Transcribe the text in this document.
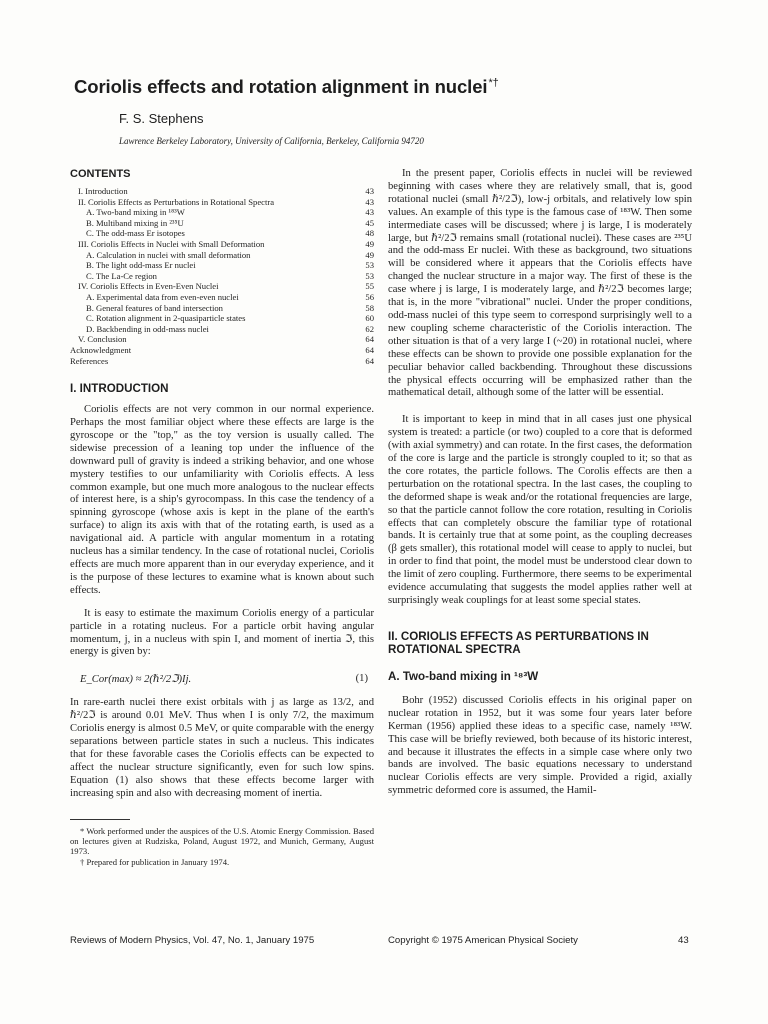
Coriolis effects and rotation alignment in nuclei*†
F. S. Stephens
Lawrence Berkeley Laboratory, University of California, Berkeley, California 94720
CONTENTS
I. Introduction	43
II. Coriolis Effects as Perturbations in Rotational Spectra	43
A. Two-band mixing in ¹⁸³W	43
B. Multiband mixing in ²³⁵U	45
C. The odd-mass Er isotopes	48
III. Coriolis Effects in Nuclei with Small Deformation	49
A. Calculation in nuclei with small deformation	49
B. The light odd-mass Er nuclei	53
C. The La-Ce region	53
IV. Coriolis Effects in Even-Even Nuclei	55
A. Experimental data from even-even nuclei	56
B. General features of band intersection	58
C. Rotation alignment in 2-quasiparticle states	60
D. Backbending in odd-mass nuclei	62
V. Conclusion	64
Acknowledgment	64
References	64
I. INTRODUCTION

Coriolis effects are not very common in our normal experience. Perhaps the most familiar object where these effects are large is the gyroscope or the "top," as the toy version is usually called. The sidewise precession of a leaning top under the influence of the downward pull of gravity is indeed a striking behavior, and one whose mystery testifies to our unfamiliarity with Coriolis effects. A less common example, but one much more analogous to the nuclear effects of interest here, is a ship's gyrocompass. In this case the tendency of a spinning gyroscope (whose axis is kept in the plane of the earth's surface) to align its axis with that of the rotating earth, is used as a navigational aid. A particle with angular momentum in a rotating nucleus has a similar tendency. In the case of rotational nuclei, Coriolis effects are much more apparent than in our everyday experience, and it is the purpose of these lectures to examine what is known about such effects.

It is easy to estimate the maximum Coriolis energy of a particular particle in a rotating nucleus. For a particle orbit having angular momentum, j, in a nucleus with spin I, and moment of inertia ℑ, this energy is given by:

E_Cor(max) ≈ 2(ℏ²/2ℑ)Ij.	(1)

In rare-earth nuclei there exist orbitals with j as large as 13/2, and ℏ²/2ℑ is around 0.01 MeV. Thus when I is only 7/2, the maximum Coriolis energy is almost 0.5 MeV, or quite comparable with the energy separations between particle states in such a nucleus. This indicates that for these favorable cases the Coriolis effects can be expected to affect the nuclear structure significantly, even for such low spins. Equation (1) also shows that these effects become larger with increasing spin and also with decreasing moment of inertia.

* Work performed under the auspices of the U.S. Atomic Energy Commission. Based on lectures given at Rudziska, Poland, August 1972, and Munich, Germany, August 1973.

† Prepared for publication in January 1974.

In the present paper, Coriolis effects in nuclei will be reviewed beginning with cases where they are relatively small, that is, good rotational nuclei (small ℏ²/2ℑ), low-j orbitals, and relatively low spin values. An example of this type is the famous case of ¹⁸³W. Then some intermediate cases will be discussed; where j is large, I is moderately large, but ℏ²/2ℑ remains small (rotational nuclei). These cases are ²³⁵U and the odd-mass Er nuclei. With these as background, two situations will be considered where it appears that the Coriolis effects have changed the nuclear structure in a major way. The first of these is the case where j is large, I is moderately large, and ℏ²/2ℑ becomes large; that is, in the more "vibrational" nuclei. Under the proper conditions, odd-mass nuclei of this type seem to correspond surprisingly well to a new coupling scheme characteristic of the Coriolis interaction. The other situation is that of a very large I (~20) in rotational nuclei, where these effects can be shown to provide one possible explanation for the peculiar behavior called backbending. Throughout these discussions the physical effects occurring will be emphasized rather than the mathematical detail, although some of the latter will be essential.

It is important to keep in mind that in all cases just one physical system is treated: a particle (or two) coupled to a core that is deformed (with axial symmetry) and can rotate. In the first cases, the deformation of the core is large and the particle is strongly coupled to it; so that as the core rotates, the particle follows. The Corolis effects are then a perturbation on the rotational spectra. In the last cases, the coupling to the deformed shape is weak and/or the rotational frequencies are large, so that the particle cannot follow the core rotation, resulting in Coriolis effects that can completely obscure the familiar type of rotational bands. It is certainly true that at some point, as the coupling decreases (β gets smaller), this rotational model will cease to apply to nuclei, but in order to find that point, the model must be understood clear down to the limit of zero coupling. Furthermore, there seems to be experimental evidence accumulating that suggests the model applies rather well at surprisingly weak couplings for at least some special states.

II. CORIOLIS EFFECTS AS PERTURBATIONS IN ROTATIONAL SPECTRA
A. Two-band mixing in ¹⁸³W

Bohr (1952) discussed Coriolis effects in his original paper on nuclear rotation in 1952, but it was some four years later before Kerman (1956) applied these ideas to a specific case, namely ¹⁸³W. This case will be briefly reviewed, both because of its historic interest, and because it illustrates the effects in a simple case where only two bands are involved. The basic equations necessary to understand nuclear Coriolis effects are very simple. Provided a rigid, axially symmetric deformed core is assumed, the Hamil-

Reviews of Modern Physics, Vol. 47, No. 1, January 1975	Copyright © 1975 American Physical Society	43
